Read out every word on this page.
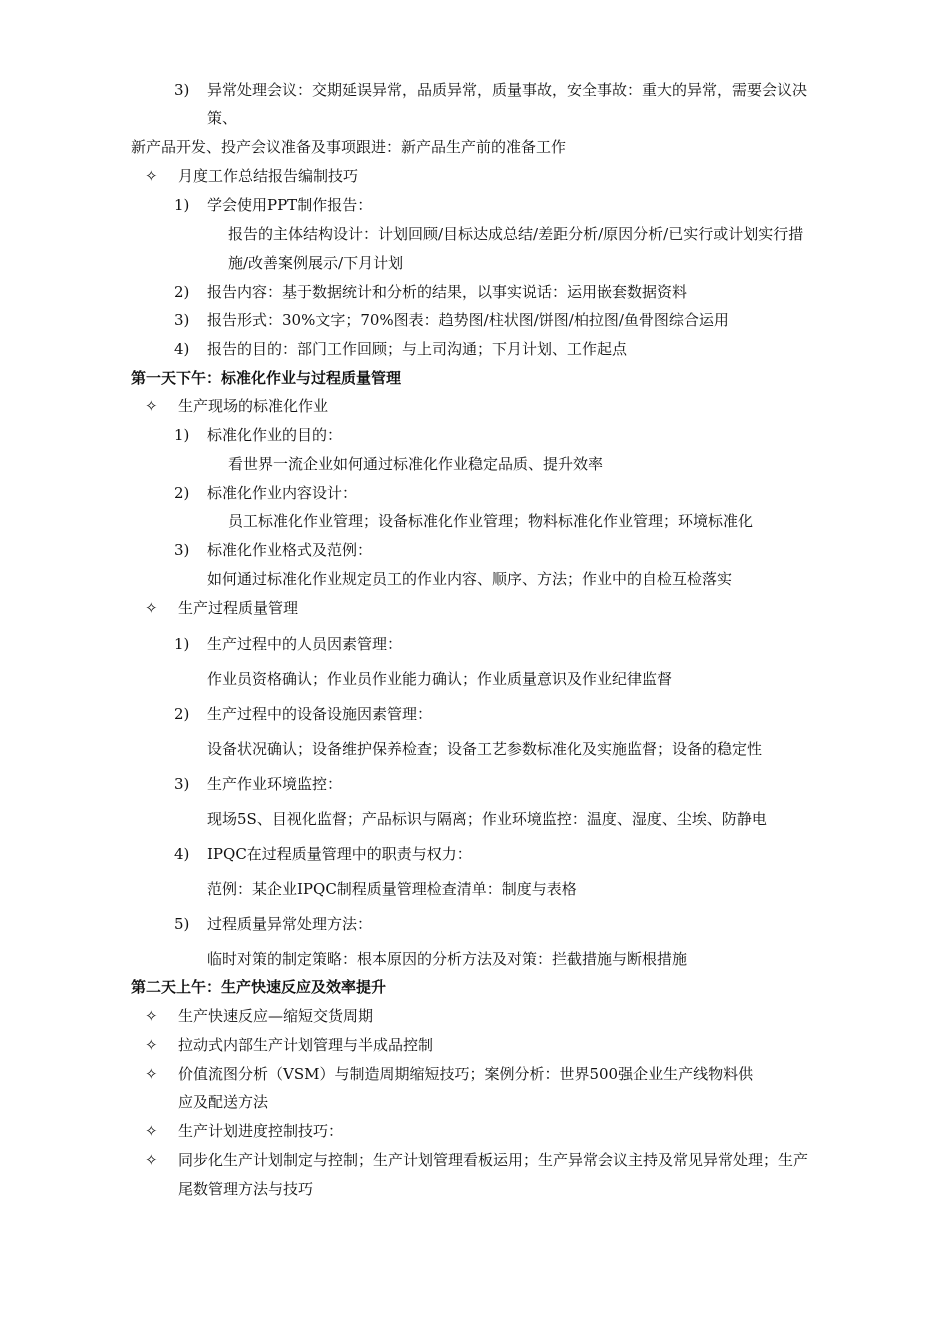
3) 异常处理会议：交期延误异常，品质异常，质量事故，安全事故：重大的异常，需要会议决
策、
新产品开发、投产会议准备及事项跟进：新产品生产前的准备工作
✧ 月度工作总结报告编制技巧
1) 学会使用PPT制作报告：
报告的主体结构设计：计划回顾/目标达成总结/差距分析/原因分析/已实行或计划实行措
施/改善案例展示/下月计划
2) 报告内容：基于数据统计和分析的结果，以事实说话：运用嵌套数据资料
3) 报告形式：30%文字；70%图表：趋势图/柱状图/饼图/柏拉图/鱼骨图综合运用
4) 报告的目的：部门工作回顾；与上司沟通；下月计划、工作起点
第一天下午：标准化作业与过程质量管理
✧ 生产现场的标准化作业
1) 标准化作业的目的：
看世界一流企业如何通过标准化作业稳定品质、提升效率
2) 标准化作业内容设计：
员工标准化作业管理；设备标准化作业管理；物料标准化作业管理；环境标准化
3) 标准化作业格式及范例：
如何通过标准化作业规定员工的作业内容、顺序、方法；作业中的自检互检落实
✧ 生产过程质量管理
1) 生产过程中的人员因素管理：
作业员资格确认；作业员作业能力确认；作业质量意识及作业纪律监督
2) 生产过程中的设备设施因素管理：
设备状况确认；设备维护保养检查；设备工艺参数标准化及实施监督；设备的稳定性
3) 生产作业环境监控：
现场5S、目视化监督；产品标识与隔离；作业环境监控：温度、湿度、尘埃、防静电
4) IPQC在过程质量管理中的职责与权力：
范例：某企业IPQC制程质量管理检查清单：制度与表格
5) 过程质量异常处理方法：
临时对策的制定策略：根本原因的分析方法及对策：拦截措施与断根措施
第二天上午：生产快速反应及效率提升
✧ 生产快速反应—缩短交货周期
✧ 拉动式内部生产计划管理与半成品控制
✧ 价值流图分析（VSM）与制造周期缩短技巧；案例分析：世界500强企业生产线物料供
应及配送方法
✧ 生产计划进度控制技巧：
✧ 同步化生产计划制定与控制；生产计划管理看板运用；生产异常会议主持及常见异常处理；生产
尾数管理方法与技巧
